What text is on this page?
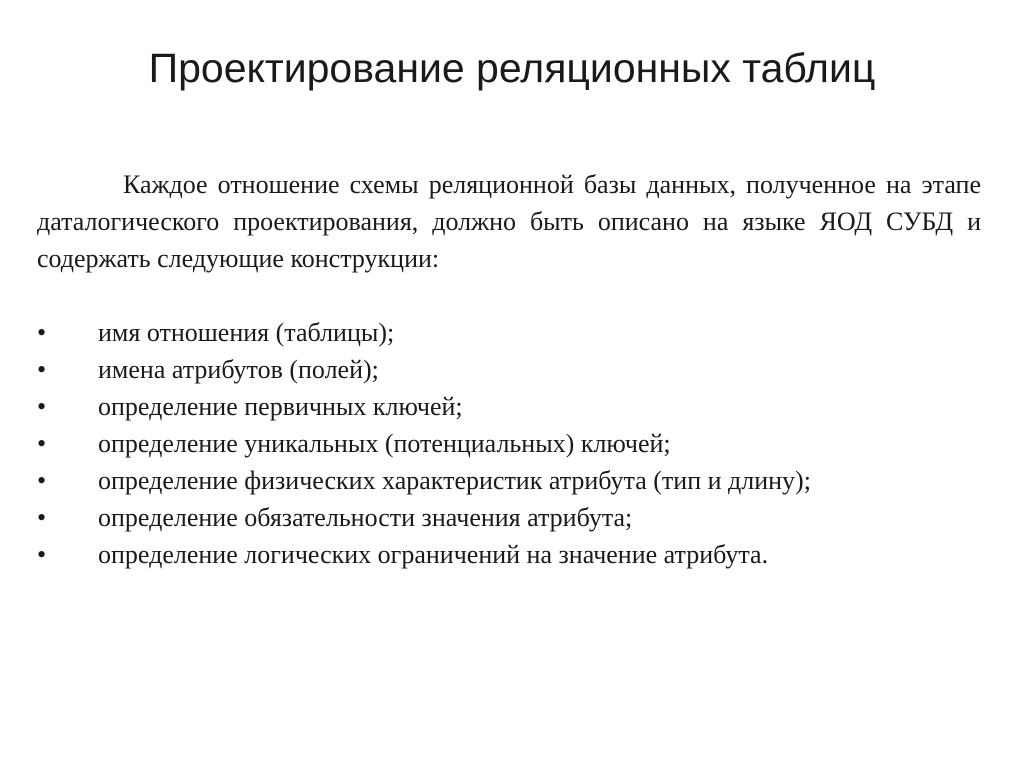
Проектирование реляционных таблиц

Каждое отношение схемы реляционной базы данных, полученное на этапе даталогического проектирования, должно быть описано на языке ЯОД СУБД и содержать следующие конструкции:

• имя отношения (таблицы);
• имена атрибутов (полей);
• определение первичных ключей;
• определение уникальных (потенциальных) ключей;
• определение физических характеристик атрибута (тип и длину);
• определение обязательности значения атрибута;
• определение логических ограничений на значение атрибута.
